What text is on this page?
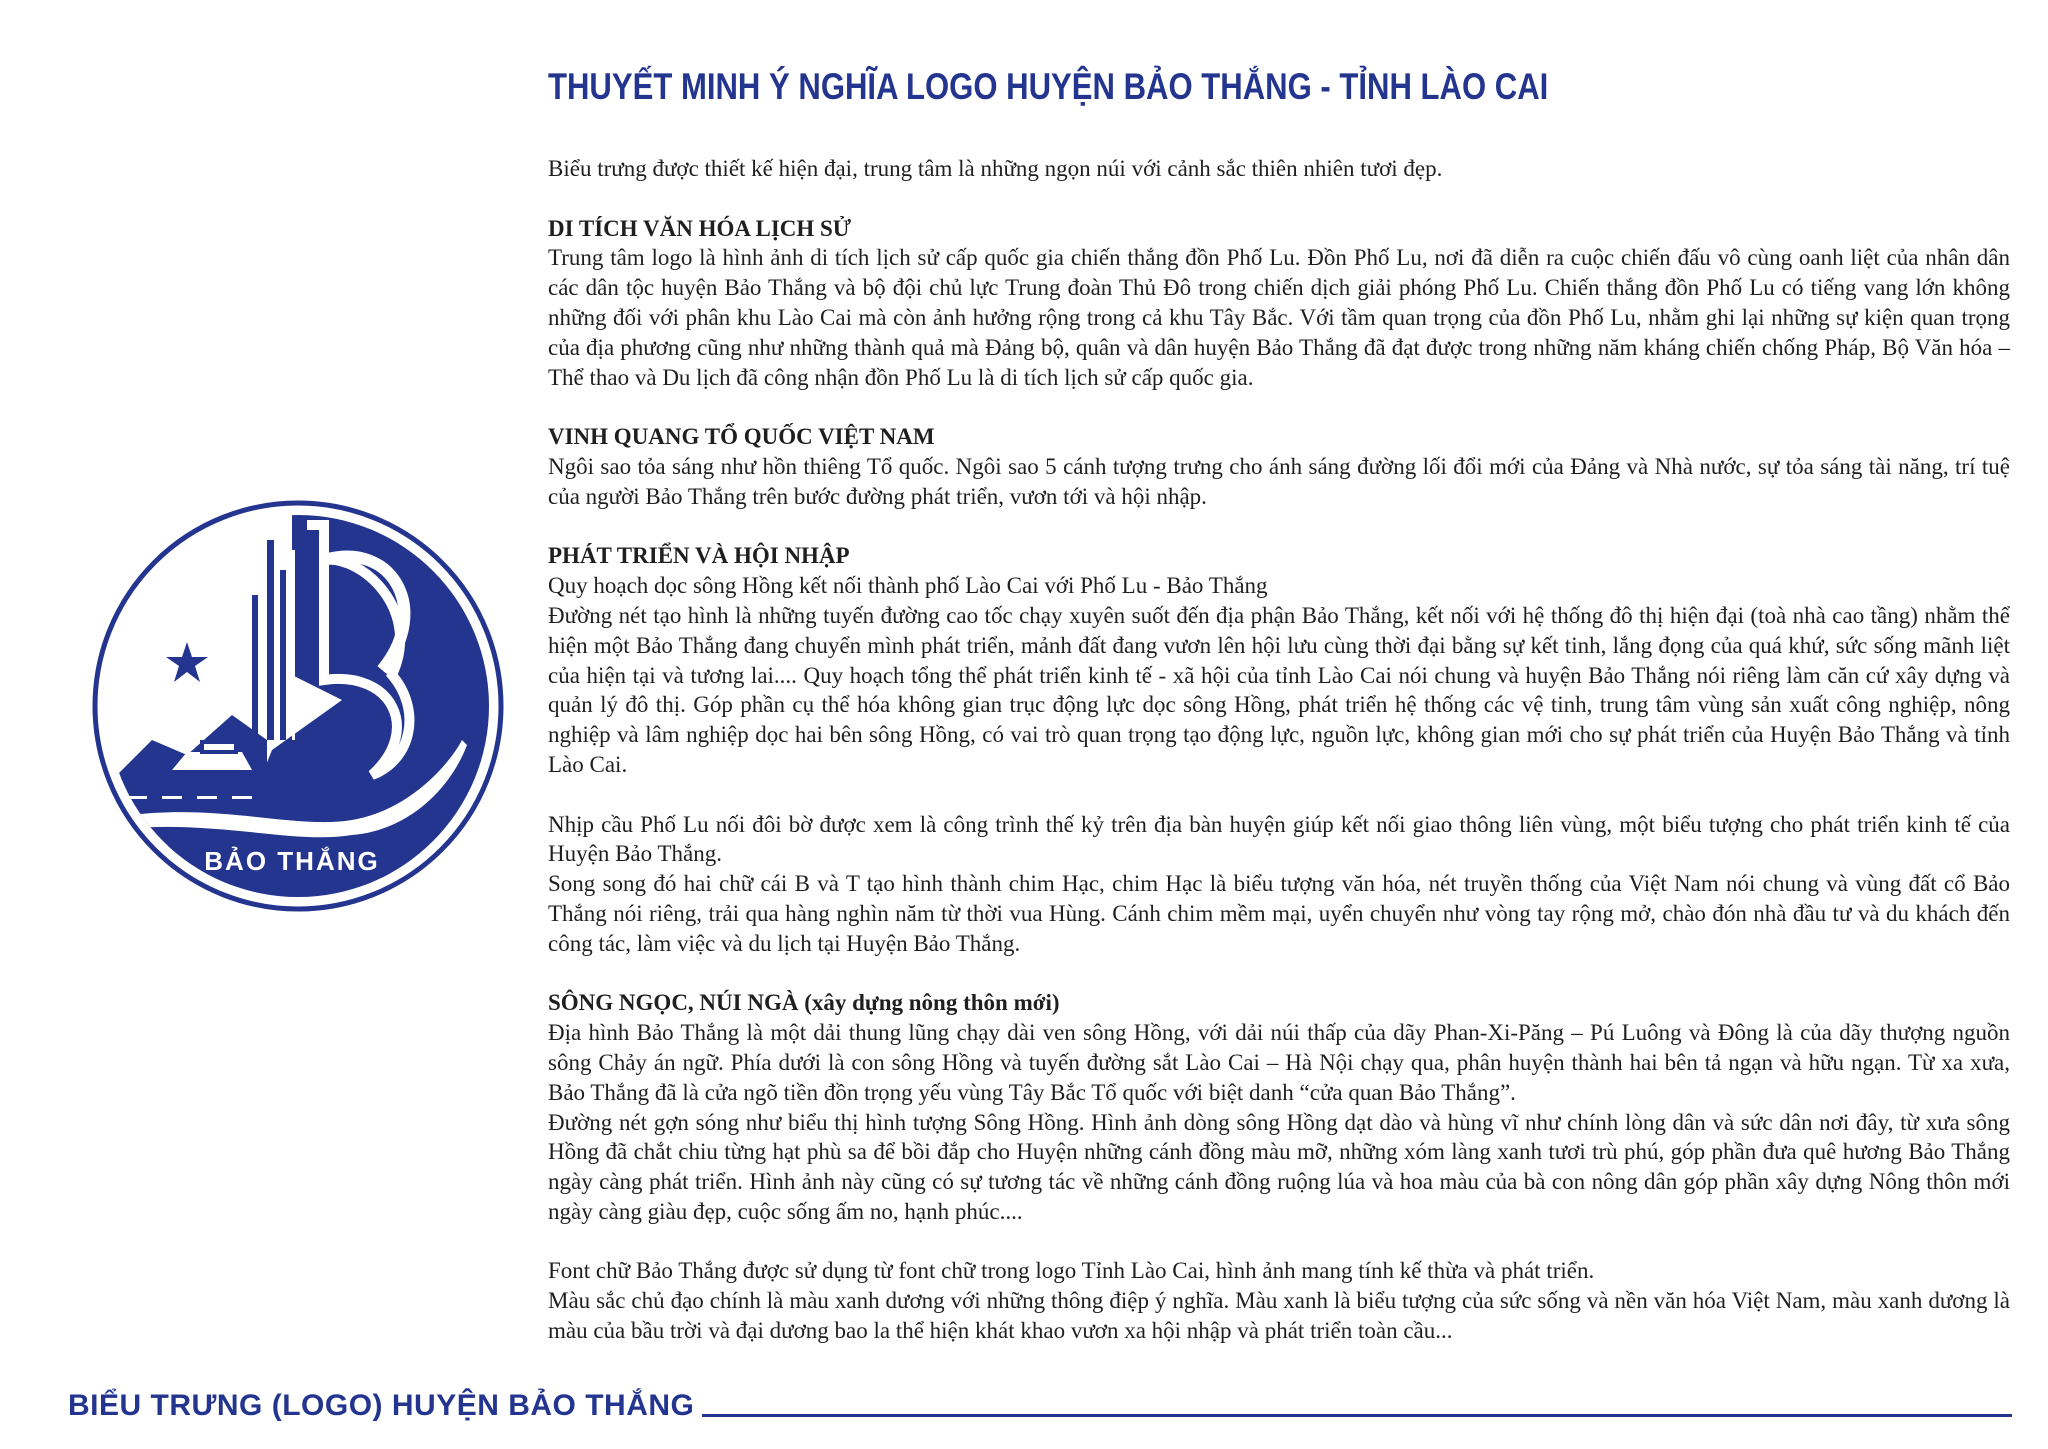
THUYẾT MINH Ý NGHĨA LOGO HUYỆN BẢO THẮNG - TỈNH LÀO CAI
BẢO THẮNG

Biểu trưng được thiết kế hiện đại, trung tâm là những ngọn núi với cảnh sắc thiên nhiên tươi đẹp.

DI TÍCH VĂN HÓA LỊCH SỬ

Trung tâm logo là hình ảnh di tích lịch sử cấp quốc gia chiến thắng đồn Phố Lu. Đồn Phố Lu, nơi đã diễn ra cuộc chiến đấu vô cùng oanh liệt của nhân dân các dân tộc huyện Bảo Thắng và bộ đội chủ lực Trung đoàn Thủ Đô trong chiến dịch giải phóng Phố Lu. Chiến thắng đồn Phố Lu có tiếng vang lớn không những đối với phân khu Lào Cai mà còn ảnh hưởng rộng trong cả khu Tây Bắc. Với tầm quan trọng của đồn Phố Lu, nhằm ghi lại những sự kiện quan trọng của địa phương cũng như những thành quả mà Đảng bộ, quân và dân huyện Bảo Thắng đã đạt được trong những năm kháng chiến chống Pháp, Bộ Văn hóa – Thể thao và Du lịch đã công nhận đồn Phố Lu là di tích lịch sử cấp quốc gia.

VINH QUANG TỔ QUỐC VIỆT NAM

Ngôi sao tỏa sáng như hồn thiêng Tổ quốc. Ngôi sao 5 cánh tượng trưng cho ánh sáng đường lối đổi mới của Đảng và Nhà nước, sự tỏa sáng tài năng, trí tuệ của người Bảo Thắng trên bước đường phát triển, vươn tới và hội nhập.

PHÁT TRIỂN VÀ HỘI NHẬP

Quy hoạch dọc sông Hồng kết nối thành phố Lào Cai với Phố Lu - Bảo Thắng

Đường nét tạo hình là những tuyến đường cao tốc chạy xuyên suốt đến địa phận Bảo Thắng, kết nối với hệ thống đô thị hiện đại (toà nhà cao tầng) nhằm thể hiện một Bảo Thắng đang chuyển mình phát triển, mảnh đất đang vươn lên hội lưu cùng thời đại bằng sự kết tinh, lắng đọng của quá khứ, sức sống mãnh liệt của hiện tại và tương lai.... Quy hoạch tổng thể phát triển kinh tế - xã hội của tỉnh Lào Cai nói chung và huyện Bảo Thắng nói riêng làm căn cứ xây dựng và quản lý đô thị. Góp phần cụ thể hóa không gian trục động lực dọc sông Hồng, phát triển hệ thống các vệ tinh, trung tâm vùng sản xuất công nghiệp, nông nghiệp và lâm nghiệp dọc hai bên sông Hồng, có vai trò quan trọng tạo động lực, nguồn lực, không gian mới cho sự phát triển của Huyện Bảo Thắng và tỉnh Lào Cai.

Nhịp cầu Phố Lu nối đôi bờ được xem là công trình thế kỷ trên địa bàn huyện giúp kết nối giao thông liên vùng, một biểu tượng cho phát triển kinh tế của Huyện Bảo Thắng.

Song song đó hai chữ cái B và T tạo hình thành chim Hạc, chim Hạc là biểu tượng văn hóa, nét truyền thống của Việt Nam nói chung và vùng đất cổ Bảo Thắng nói riêng, trải qua hàng nghìn năm từ thời vua Hùng. Cánh chim mềm mại, uyển chuyển như vòng tay rộng mở, chào đón nhà đầu tư và du khách đến công tác, làm việc và du lịch tại Huyện Bảo Thắng.

SÔNG NGỌC, NÚI NGÀ (xây dựng nông thôn mới)

Địa hình Bảo Thắng là một dải thung lũng chạy dài ven sông Hồng, với dải núi thấp của dãy Phan-Xi-Păng – Pú Luông và Đông là của dãy thượng nguồn sông Chảy án ngữ. Phía dưới là con sông Hồng và tuyến đường sắt Lào Cai – Hà Nội chạy qua, phân huyện thành hai bên tả ngạn và hữu ngạn. Từ xa xưa, Bảo Thắng đã là cửa ngõ tiền đồn trọng yếu vùng Tây Bắc Tổ quốc với biệt danh “cửa quan Bảo Thắng”.

Đường nét gợn sóng như biểu thị hình tượng Sông Hồng. Hình ảnh dòng sông Hồng dạt dào và hùng vĩ như chính lòng dân và sức dân nơi đây, từ xưa sông Hồng đã chắt chiu từng hạt phù sa để bồi đắp cho Huyện những cánh đồng màu mỡ, những xóm làng xanh tươi trù phú, góp phần đưa quê hương Bảo Thắng ngày càng phát triển. Hình ảnh này cũng có sự tương tác về những cánh đồng ruộng lúa và hoa màu của bà con nông dân góp phần xây dựng Nông thôn mới ngày càng giàu đẹp, cuộc sống ấm no, hạnh phúc....

Font chữ Bảo Thắng được sử dụng từ font chữ trong logo Tỉnh Lào Cai, hình ảnh mang tính kế thừa và phát triển.

Màu sắc chủ đạo chính là màu xanh dương với những thông điệp ý nghĩa. Màu xanh là biểu tượng của sức sống và nền văn hóa Việt Nam, màu xanh dương là màu của bầu trời và đại dương bao la thể hiện khát khao vươn xa hội nhập và phát triển toàn cầu...

BIỂU TRƯNG (LOGO) HUYỆN BẢO THẮNG
